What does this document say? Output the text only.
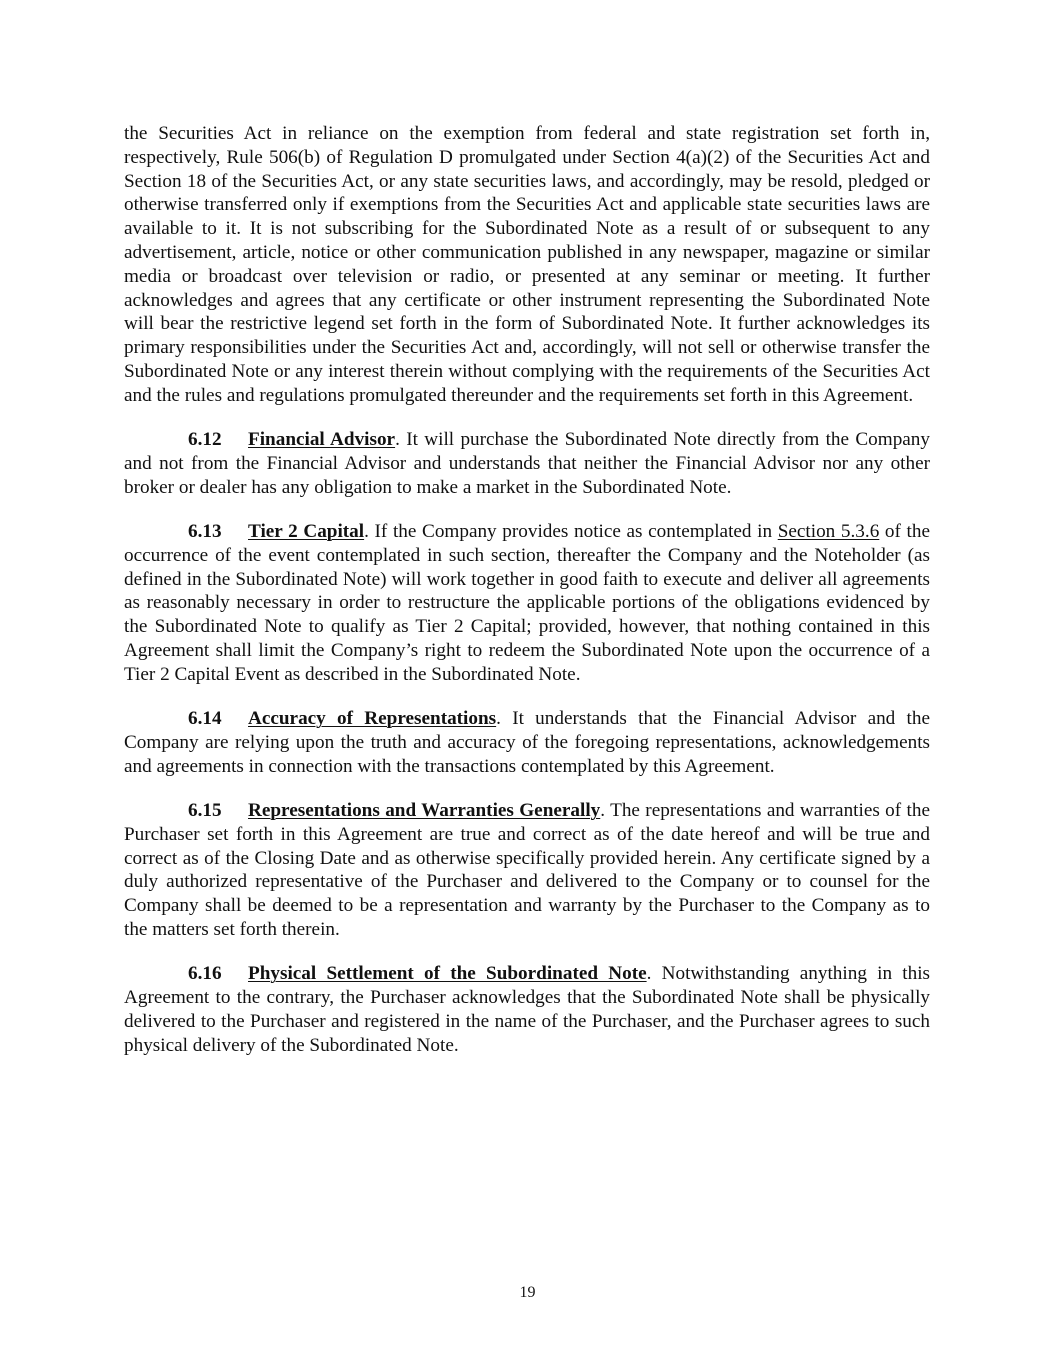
the Securities Act in reliance on the exemption from federal and state registration set forth in, respectively, Rule 506(b) of Regulation D promulgated under Section 4(a)(2) of the Securities Act and Section 18 of the Securities Act, or any state securities laws, and accordingly, may be resold, pledged or otherwise transferred only if exemptions from the Securities Act and applicable state securities laws are available to it. It is not subscribing for the Subordinated Note as a result of or subsequent to any advertisement, article, notice or other communication published in any newspaper, magazine or similar media or broadcast over television or radio, or presented at any seminar or meeting. It further acknowledges and agrees that any certificate or other instrument representing the Subordinated Note will bear the restrictive legend set forth in the form of Subordinated Note. It further acknowledges its primary responsibilities under the Securities Act and, accordingly, will not sell or otherwise transfer the Subordinated Note or any interest therein without complying with the requirements of the Securities Act and the rules and regulations promulgated thereunder and the requirements set forth in this Agreement.

6.12 Financial Advisor. It will purchase the Subordinated Note directly from the Company and not from the Financial Advisor and understands that neither the Financial Advisor nor any other broker or dealer has any obligation to make a market in the Subordinated Note.

6.13 Tier 2 Capital. If the Company provides notice as contemplated in Section 5.3.6 of the occurrence of the event contemplated in such section, thereafter the Company and the Noteholder (as defined in the Subordinated Note) will work together in good faith to execute and deliver all agreements as reasonably necessary in order to restructure the applicable portions of the obligations evidenced by the Subordinated Note to qualify as Tier 2 Capital; provided, however, that nothing contained in this Agreement shall limit the Company’s right to redeem the Subordinated Note upon the occurrence of a Tier 2 Capital Event as described in the Subordinated Note.

6.14 Accuracy of Representations. It understands that the Financial Advisor and the Company are relying upon the truth and accuracy of the foregoing representations, acknowledgements and agreements in connection with the transactions contemplated by this Agreement.

6.15 Representations and Warranties Generally. The representations and warranties of the Purchaser set forth in this Agreement are true and correct as of the date hereof and will be true and correct as of the Closing Date and as otherwise specifically provided herein. Any certificate signed by a duly authorized representative of the Purchaser and delivered to the Company or to counsel for the Company shall be deemed to be a representation and warranty by the Purchaser to the Company as to the matters set forth therein.

6.16 Physical Settlement of the Subordinated Note. Notwithstanding anything in this Agreement to the contrary, the Purchaser acknowledges that the Subordinated Note shall be physically delivered to the Purchaser and registered in the name of the Purchaser, and the Purchaser agrees to such physical delivery of the Subordinated Note.

19
